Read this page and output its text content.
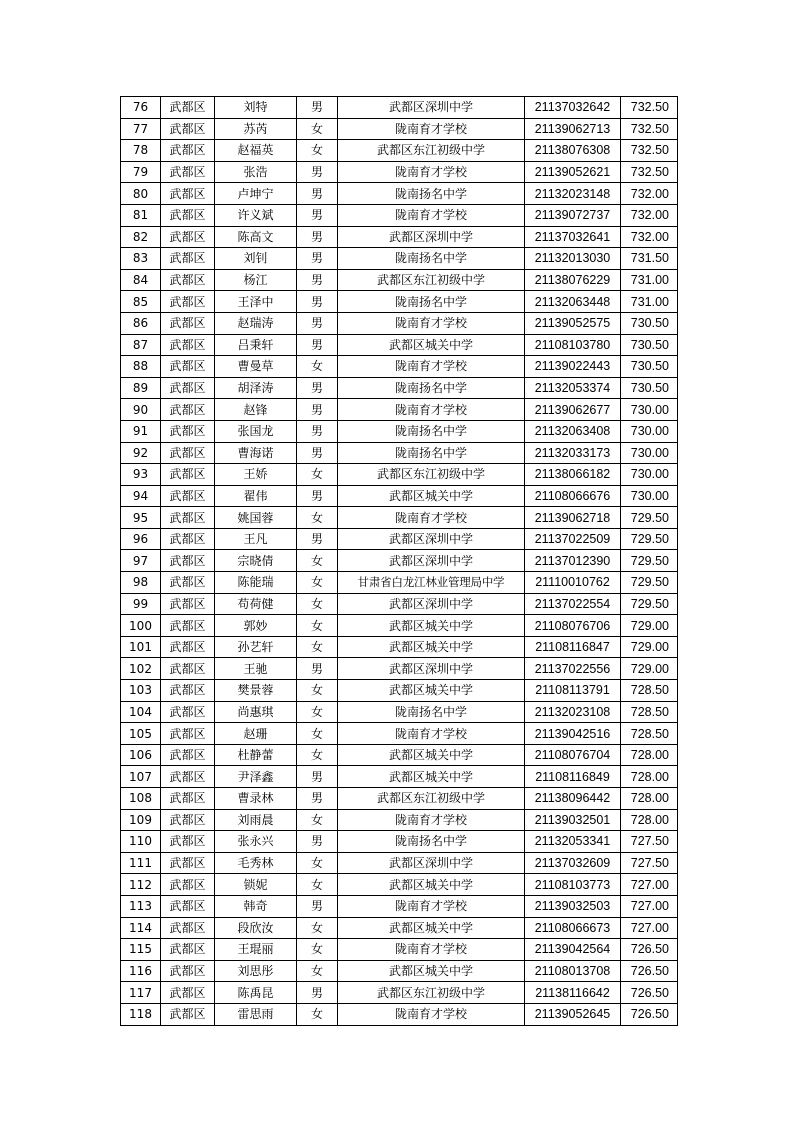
76	武都区	刘特	男	武都区深圳中学	21137032642	732.50
77	武都区	苏芮	女	陇南育才学校	21139062713	732.50
78	武都区	赵福英	女	武都区东江初级中学	21138076308	732.50
79	武都区	张浩	男	陇南育才学校	21139052621	732.50
80	武都区	卢坤宁	男	陇南扬名中学	21132023148	732.00
81	武都区	许义斌	男	陇南育才学校	21139072737	732.00
82	武都区	陈高文	男	武都区深圳中学	21137032641	732.00
83	武都区	刘钊	男	陇南扬名中学	21132013030	731.50
84	武都区	杨江	男	武都区东江初级中学	21138076229	731.00
85	武都区	王泽中	男	陇南扬名中学	21132063448	731.00
86	武都区	赵瑞涛	男	陇南育才学校	21139052575	730.50
87	武都区	吕秉轩	男	武都区城关中学	21108103780	730.50
88	武都区	曹曼草	女	陇南育才学校	21139022443	730.50
89	武都区	胡泽涛	男	陇南扬名中学	21132053374	730.50
90	武都区	赵锋	男	陇南育才学校	21139062677	730.00
91	武都区	张国龙	男	陇南扬名中学	21132063408	730.00
92	武都区	曹海诺	男	陇南扬名中学	21132033173	730.00
93	武都区	王娇	女	武都区东江初级中学	21138066182	730.00
94	武都区	翟伟	男	武都区城关中学	21108066676	730.00
95	武都区	姚国蓉	女	陇南育才学校	21139062718	729.50
96	武都区	王凡	男	武都区深圳中学	21137022509	729.50
97	武都区	宗晓倩	女	武都区深圳中学	21137012390	729.50
98	武都区	陈能瑞	女	甘肃省白龙江林业管理局中学	21110010762	729.50
99	武都区	苟荷健	女	武都区深圳中学	21137022554	729.50
100	武都区	郭妙	女	武都区城关中学	21108076706	729.00
101	武都区	孙艺轩	女	武都区城关中学	21108116847	729.00
102	武都区	王驰	男	武都区深圳中学	21137022556	729.00
103	武都区	樊景蓉	女	武都区城关中学	21108113791	728.50
104	武都区	尚惠琪	女	陇南扬名中学	21132023108	728.50
105	武都区	赵珊	女	陇南育才学校	21139042516	728.50
106	武都区	杜静蕾	女	武都区城关中学	21108076704	728.00
107	武都区	尹泽鑫	男	武都区城关中学	21108116849	728.00
108	武都区	曹录林	男	武都区东江初级中学	21138096442	728.00
109	武都区	刘雨晨	女	陇南育才学校	21139032501	728.00
110	武都区	张永兴	男	陇南扬名中学	21132053341	727.50
111	武都区	毛秀林	女	武都区深圳中学	21137032609	727.50
112	武都区	锁妮	女	武都区城关中学	21108103773	727.00
113	武都区	韩奇	男	陇南育才学校	21139032503	727.00
114	武都区	段欣汝	女	武都区城关中学	21108066673	727.00
115	武都区	王琨丽	女	陇南育才学校	21139042564	726.50
116	武都区	刘思彤	女	武都区城关中学	21108013708	726.50
117	武都区	陈禹昆	男	武都区东江初级中学	21138116642	726.50
118	武都区	雷思雨	女	陇南育才学校	21139052645	726.50
